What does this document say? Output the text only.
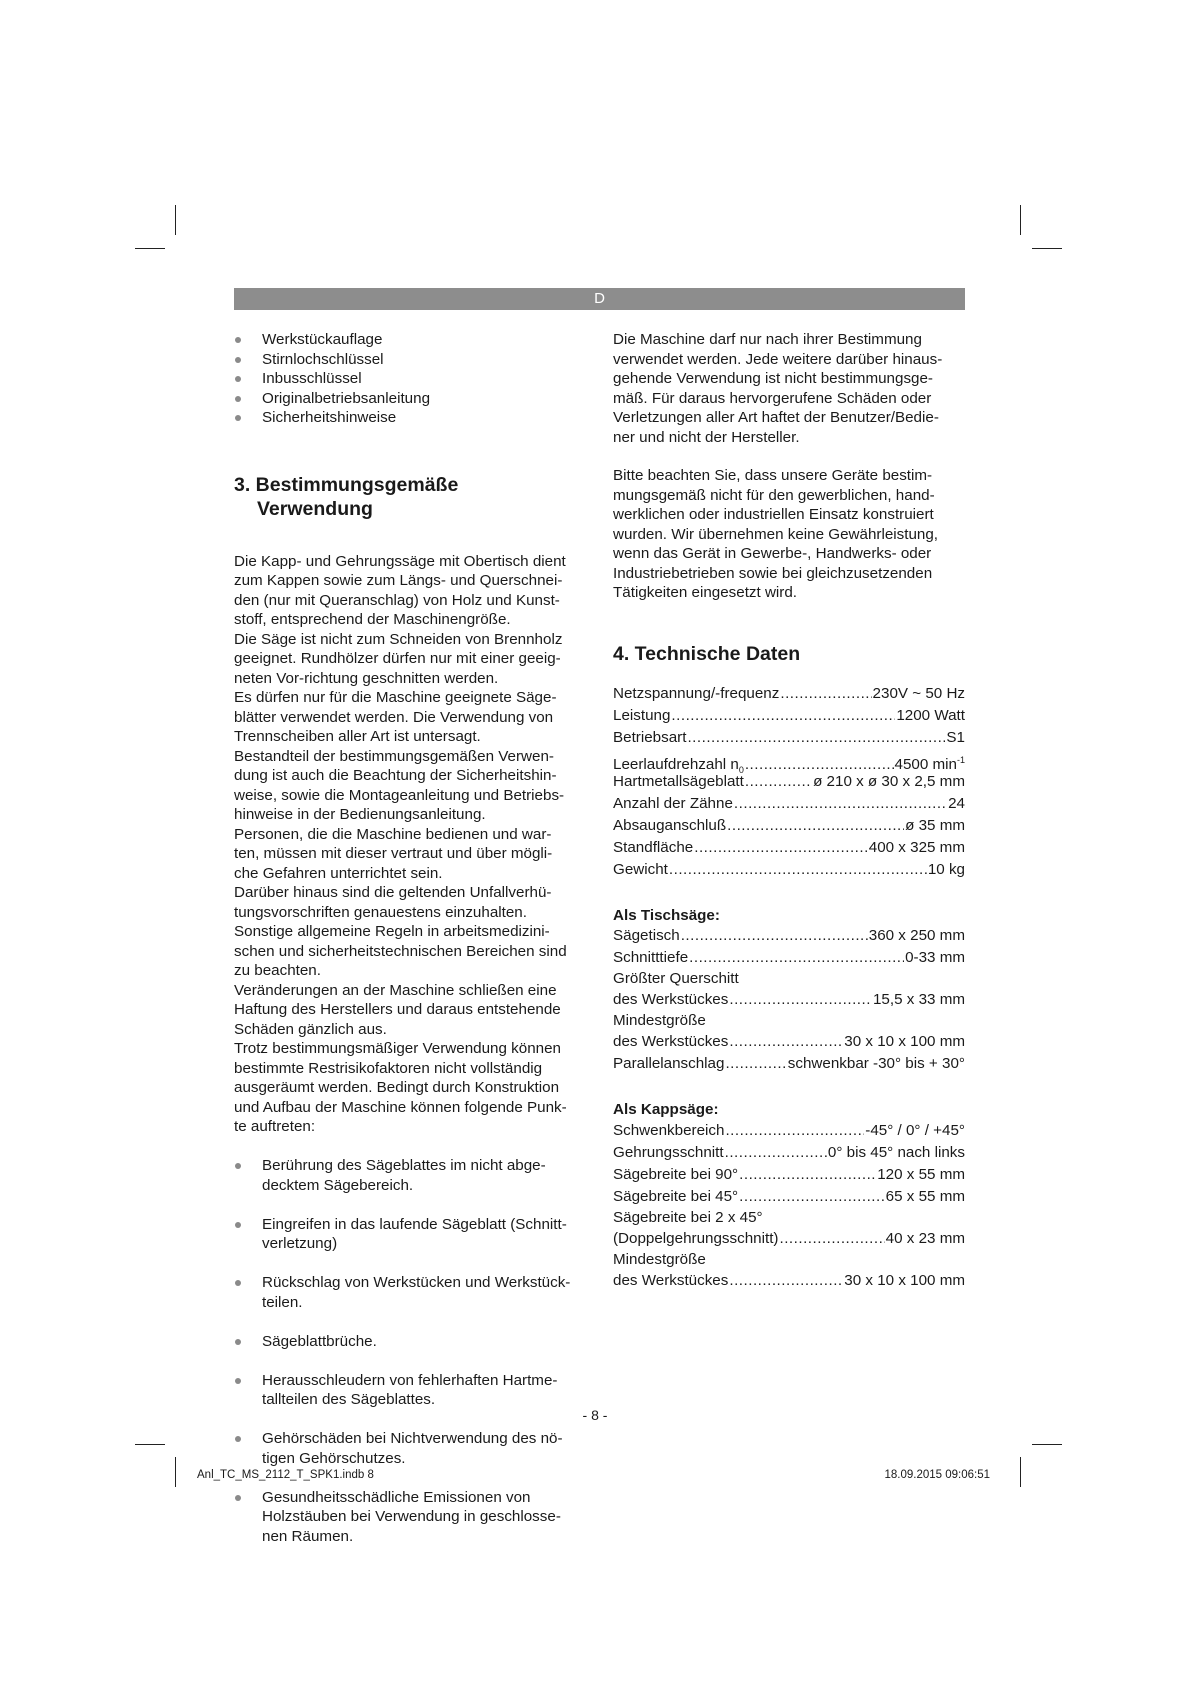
D
Werkstückauflage
Stirnlochschlüssel
Inbusschlüssel
Originalbetriebsanleitung
Sicherheitshinweise
3. Bestimmungsgemäße
Verwendung

Die Kapp- und Gehrungssäge mit Obertisch dient
zum Kappen sowie zum Längs- und Querschnei-
den (nur mit Queranschlag) von Holz und Kunst-
stoff, entsprechend der Maschinengröße.
Die Säge ist nicht zum Schneiden von Brennholz
geeignet. Rundhölzer dürfen nur mit einer geeig-
neten Vor-richtung geschnitten werden.
Es dürfen nur für die Maschine geeignete Säge-
blätter verwendet werden. Die Verwendung von
Trennscheiben aller Art ist untersagt.
Bestandteil der bestimmungsgemäßen Verwen-
dung ist auch die Beachtung der Sicherheitshin-
weise, sowie die Montageanleitung und Betriebs-
hinweise in der Bedienungsanleitung.
Personen, die die Maschine bedienen und war-
ten, müssen mit dieser vertraut und über mögli-
che Gefahren unterrichtet sein.
Darüber hinaus sind die geltenden Unfallverhü-
tungsvorschriften genauestens einzuhalten.
Sonstige allgemeine Regeln in arbeitsmedizini-
schen und sicherheitstechnischen Bereichen sind
zu beachten.
Veränderungen an der Maschine schließen eine
Haftung des Herstellers und daraus entstehende
Schäden gänzlich aus.
Trotz bestimmungsmäßiger Verwendung können
bestimmte Restrisikofaktoren nicht vollständig
ausgeräumt werden. Bedingt durch Konstruktion
und Aufbau der Maschine können folgende Punk-
te auftreten:

Berührung des Sägeblattes im nicht abge-
decktem Sägebereich.

Eingreifen in das laufende Sägeblatt (Schnitt-
verletzung)

Rückschlag von Werkstücken und Werkstück-
teilen.

Sägeblattbrüche.

Herausschleudern von fehlerhaften Hartme-
tallteilen des Sägeblattes.

Gehörschäden bei Nichtverwendung des nö-
tigen Gehörschutzes.

Gesundheitsschädliche Emissionen von
Holzstäuben bei Verwendung in geschlosse-
nen Räumen.

Die Maschine darf nur nach ihrer Bestimmung
verwendet werden. Jede weitere darüber hinaus-
gehende Verwendung ist nicht bestimmungsge-
mäß. Für daraus hervorgerufene Schäden oder
Verletzungen aller Art haftet der Benutzer/Bedie-
ner und nicht der Hersteller.

Bitte beachten Sie, dass unsere Geräte bestim-
mungsgemäß nicht für den gewerblichen, hand-
werklichen oder industriellen Einsatz konstruiert
wurden. Wir übernehmen keine Gewährleistung,
wenn das Gerät in Gewerbe-, Handwerks- oder
Industriebetrieben sowie bei gleichzusetzenden
Tätigkeiten eingesetzt wird.

4. Technische Daten
Netzspannung/-frequenz .....	230V ~ 50 Hz
Leistung .....	1200 Watt
Betriebsart .....	S1
Leerlaufdrehzahl $n_0$ .....	4500 $\min^{-1}$
Hartmetallsägeblatt .....	ø 210 x ø 30 x 2,5 mm
Anzahl der Zähne .....	24
Absauganschluß .....	ø 35 mm
Standfläche .....	400 x 325 mm
Gewicht .....	10 kg
Als Tischsäge:
Sägetisch .....	360 x 250 mm
Schnitttiefe .....	0-33 mm
Größter Querschitt
des Werkstückes .....	15,5 x 33 mm
Mindestgröße
des Werkstückes .....	30 x 10 x 100 mm
Parallelanschlag .....	schwenkbar -30° bis + 30°
Als Kappsäge:
Schwenkbereich .....	-45° / 0° / +45°
Gehrungsschnitt .....	0° bis 45° nach links
Sägebreite bei 90° .....	120 x 55 mm
Sägebreite bei 45° .....	65 x 55 mm
Sägebreite bei 2 x 45°
(Doppelgehrungsschnitt) .....	40 x 23 mm
Mindestgröße
des Werkstückes .....	30 x 10 x 100 mm
- 8 -
Anl_TC_MS_2112_T_SPK1.indb 8	18.09.2015 09:06:51
